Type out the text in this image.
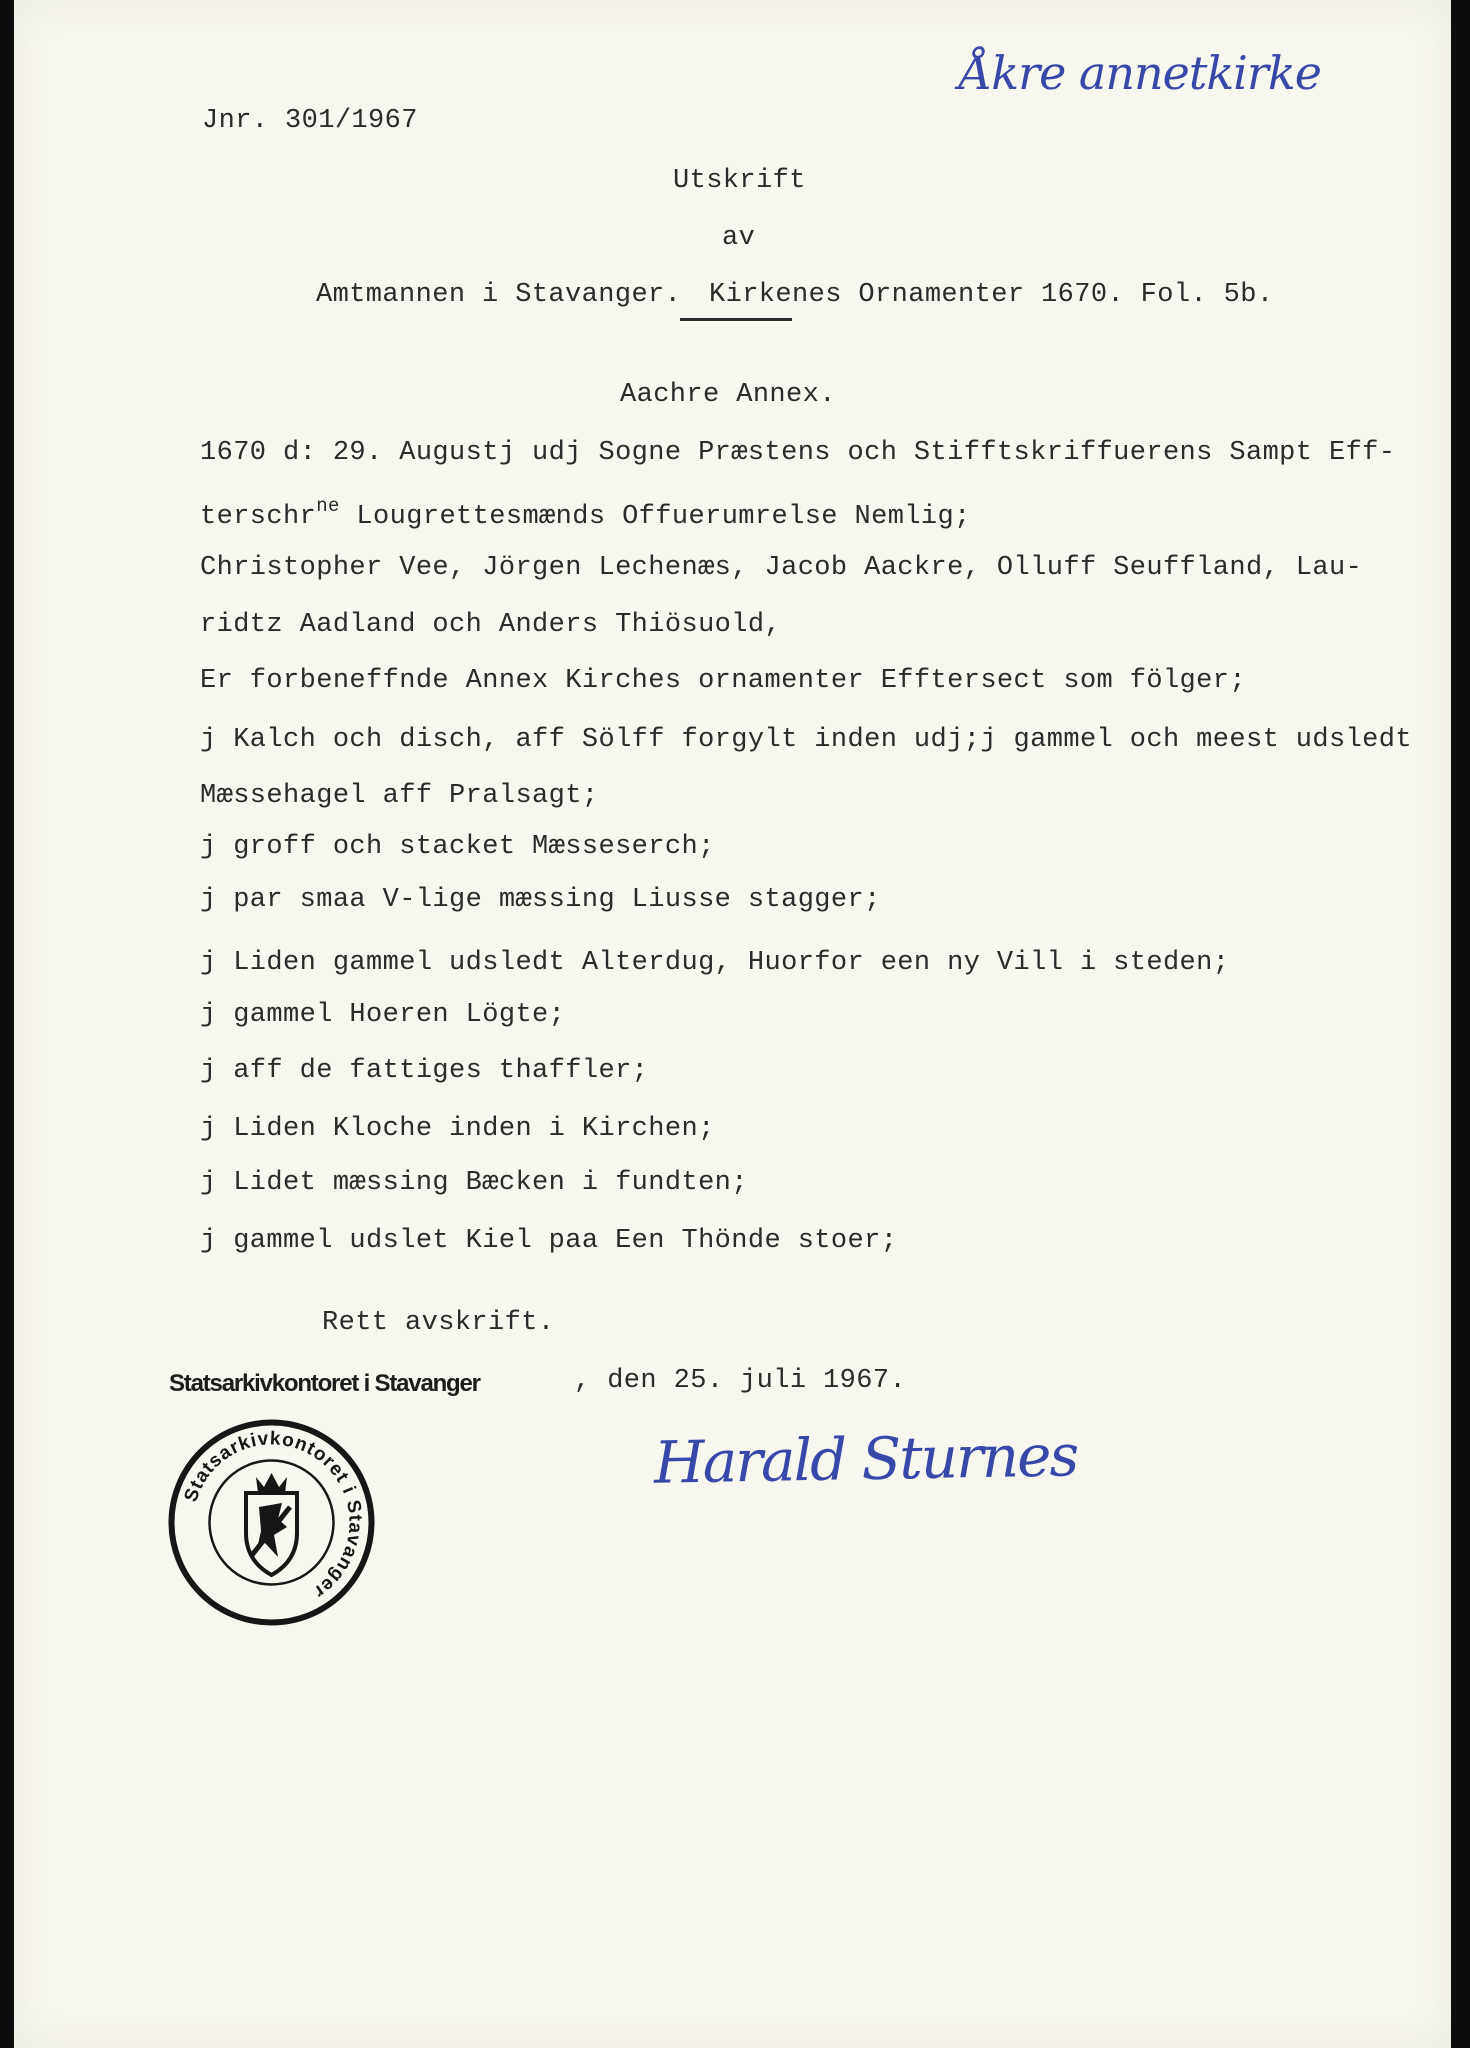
Jnr. 301/1967
Åkre annetkirke
Utskrift
av
Amtmannen i Stavanger. Kirkenes Ornamenter 1670. Fol. 5b.
Aachre Annex.
1670 d: 29. Augustj udj Sogne Præstens och Stifftskriffuerens Sampt Eff-
terschr$^{ne}$ Lougrettesmænds Offuerumrelse Nemlig;
Christopher Vee, Jörgen Lechenæs, Jacob Aackre, Olluff Seuffland, Lau-
ridtz Aadland och Anders Thiösuold,
Er forbeneffnde Annex Kirches ornamenter Efftersect som fölger;
j Kalch och disch, aff Sölff forgylt inden udj;j gammel och meest udsledt
Mæssehagel aff Pralsagt;
j groff och stacket Mæsseserch;
j par smaa V-lige mæssing Liusse stagger;
j Liden gammel udsledt Alterdug, Huorfor een ny Vill i steden;
j gammel Hoeren Lögte;
j aff de fattiges thaffler;
j Liden Kloche inden i Kirchen;
j Lidet mæssing Bæcken i fundten;
j gammel udslet Kiel paa Een Thönde stoer;
Rett avskrift.
Statsarkivkontoret i Stavanger	, den 25. juli 1967.
Harald Sturnes
Statsarkivkontoret i Stavanger
